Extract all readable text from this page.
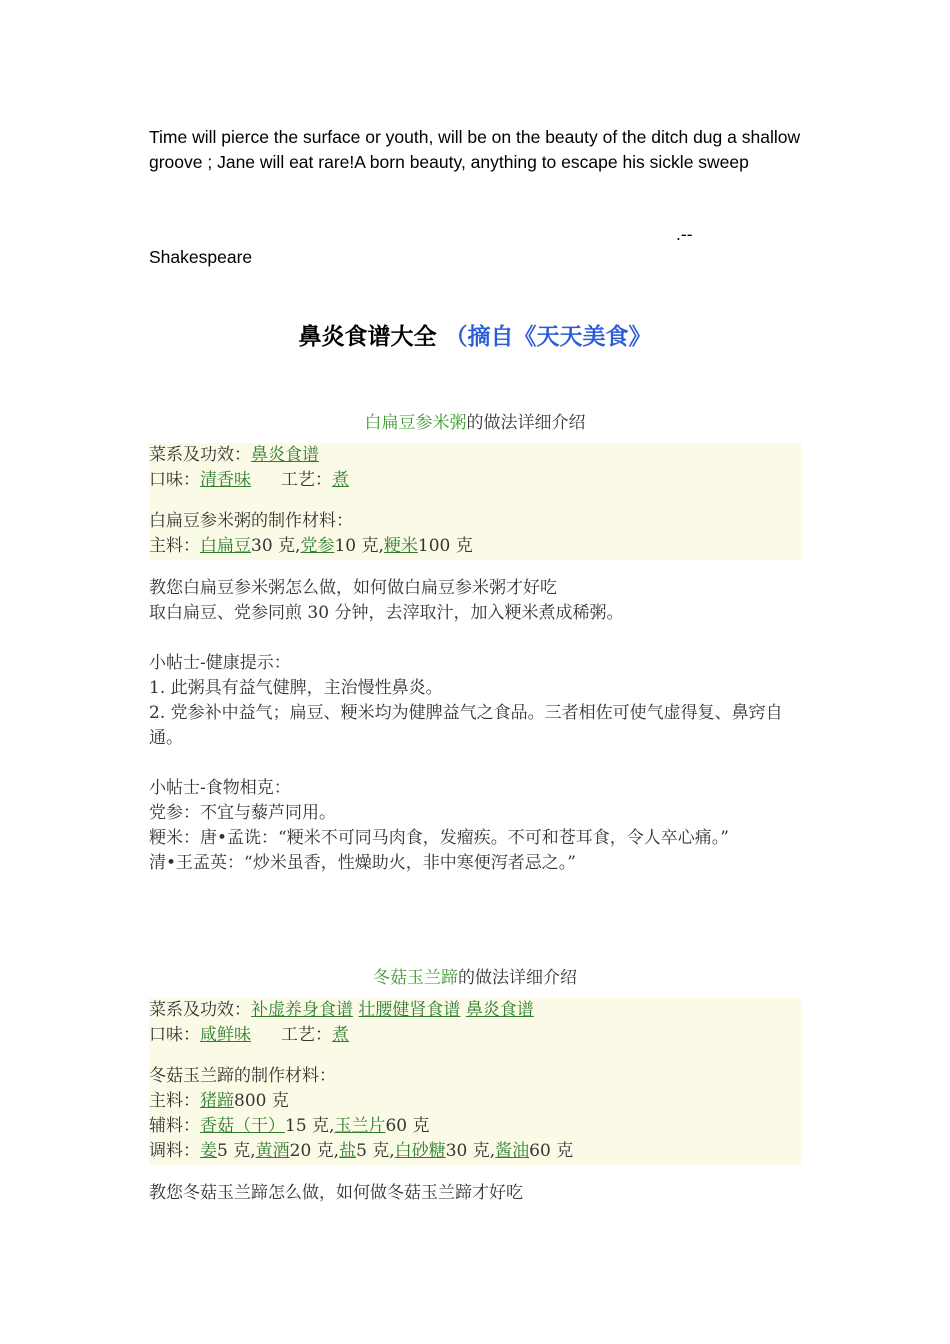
Time will pierce the surface or youth, will be on the beauty of the ditch dug a shallow groove ; Jane will eat rare!A born beauty, anything to escape his sickle sweep
.--
Shakespeare
鼻炎食谱大全 （摘自《天天美食》
白扁豆参米粥的做法详细介绍
菜系及功效：鼻炎食谱
口味：清香味 工艺：煮
白扁豆参米粥的制作材料：
主料：白扁豆30 克,党参10 克,粳米100 克
教您白扁豆参米粥怎么做，如何做白扁豆参米粥才好吃
取白扁豆、党参同煎 30 分钟，去滓取汁，加入粳米煮成稀粥。
小帖士-健康提示：
1. 此粥具有益气健脾，主治慢性鼻炎。
2. 党参补中益气；扁豆、粳米均为健脾益气之食品。三者相佐可使气虚得复、鼻窍自通。
小帖士-食物相克：
党参：不宜与藜芦同用。
粳米：唐•孟诜：“粳米不可同马肉食，发瘤疾。不可和苍耳食，令人卒心痛。”
清•王孟英：“炒米虽香，性燥助火，非中寒便泻者忌之。”
冬菇玉兰蹄的做法详细介绍
菜系及功效：补虚养身食谱 壮腰健肾食谱 鼻炎食谱
口味：咸鲜味 工艺：煮
冬菇玉兰蹄的制作材料：
主料：猪蹄800 克
辅料：香菇（干）15 克,玉兰片60 克
调料：姜5 克,黄酒20 克,盐5 克,白砂糖30 克,酱油60 克
教您冬菇玉兰蹄怎么做，如何做冬菇玉兰蹄才好吃
